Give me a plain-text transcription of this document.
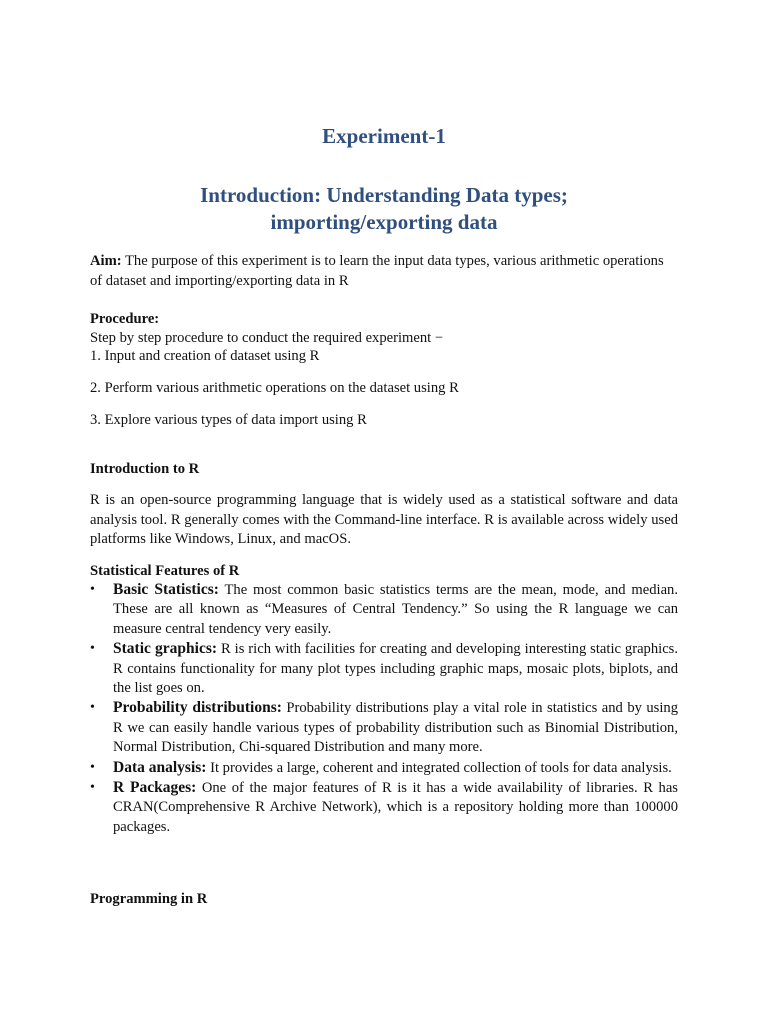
Experiment-1
Introduction: Understanding Data types;
importing/exporting data

Aim: The purpose of this experiment is to learn the input data types, various arithmetic operations of dataset and importing/exporting data in R

Procedure:

Step by step procedure to conduct the required experiment −

1. Input and creation of dataset using R

2. Perform various arithmetic operations on the dataset using R

3. Explore various types of data import using R

Introduction to R

R is an open-source programming language that is widely used as a statistical software and data analysis tool. R generally comes with the Command-line interface. R is available across widely used platforms like Windows, Linux, and macOS.

Statistical Features of R

• Basic Statistics: The most common basic statistics terms are the mean, mode, and median. These are all known as “Measures of Central Tendency.” So using the R language we can measure central tendency very easily.
• Static graphics: R is rich with facilities for creating and developing interesting static graphics. R contains functionality for many plot types including graphic maps, mosaic plots, biplots, and the list goes on.
• Probability distributions: Probability distributions play a vital role in statistics and by using R we can easily handle various types of probability distribution such as Binomial Distribution, Normal Distribution, Chi-squared Distribution and many more.
• Data analysis: It provides a large, coherent and integrated collection of tools for data analysis.
• R Packages: One of the major features of R is it has a wide availability of libraries. R has CRAN(Comprehensive R Archive Network), which is a repository holding more than 100000 packages.

Programming in R
